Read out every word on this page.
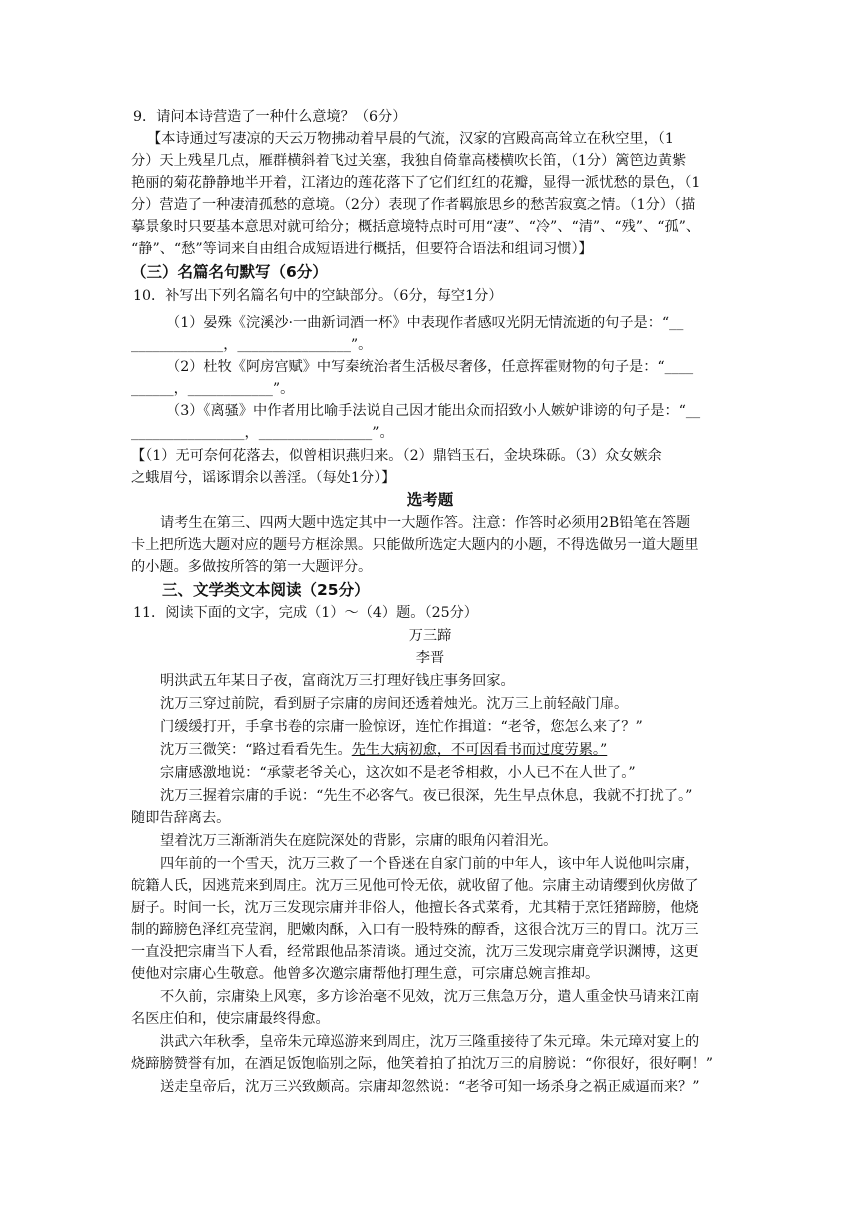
9．请问本诗营造了一种什么意境？（6分）
【本诗通过写凄凉的天云万物拂动着早晨的气流，汉家的宫殿高高耸立在秋空里，（1
分）天上残星几点，雁群横斜着飞过关塞，我独自倚靠高楼横吹长笛，（1分）篱笆边黄紫
艳丽的菊花静静地半开着，江渚边的莲花落下了它们红红的花瓣，显得一派忧愁的景色，（1
分）营造了一种凄清孤愁的意境。（2分）表现了作者羁旅思乡的愁苦寂寞之情。（1分）（描
摹景象时只要基本意思对就可给分；概括意境特点时可用“凄”、“冷”、“清”、“残”、“孤”、
“静”、“愁”等词来自由组合成短语进行概括，但要符合语法和组词习惯）】
（三）名篇名句默写（6分）
10．补写出下列名篇名句中的空缺部分。（6分，每空1分）
（1）晏殊《浣溪沙·一曲新词酒一杯》中表现作者感叹光阴无情流逝的句子是：“__
_____________，________________”。
（2）杜牧《阿房宫赋》中写秦统治者生活极尽奢侈，任意挥霍财物的句子是：“____
______，____________”。
（3）《离骚》中作者用比喻手法说自己因才能出众而招致小人嫉妒诽谤的句子是：“__
________________，________________”。
【（1）无可奈何花落去，似曾相识燕归来。（2）鼎铛玉石，金块珠砾。（3）众女嫉余
之蛾眉兮，谣诼谓余以善淫。（每处1分）】
选考题
请考生在第三、四两大题中选定其中一大题作答。注意：作答时必须用2B铅笔在答题
卡上把所选大题对应的题号方框涂黑。只能做所选定大题内的小题，不得选做另一道大题里
的小题。多做按所答的第一大题评分。
三、文学类文本阅读（25分）
11．阅读下面的文字，完成（1）～（4）题。（25分）
万三蹄
李晋
明洪武五年某日子夜，富商沈万三打理好钱庄事务回家。
沈万三穿过前院，看到厨子宗庸的房间还透着烛光。沈万三上前轻敲门扉。
门缓缓打开，手拿书卷的宗庸一脸惊讶，连忙作揖道：“老爷，您怎么来了？”
沈万三微笑：“路过看看先生。先生大病初愈，不可因看书而过度劳累。”
宗庸感激地说：“承蒙老爷关心，这次如不是老爷相救，小人已不在人世了。”
沈万三握着宗庸的手说：“先生不必客气。夜已很深，先生早点休息，我就不打扰了。”
随即告辞离去。
望着沈万三渐渐消失在庭院深处的背影，宗庸的眼角闪着泪光。
四年前的一个雪天，沈万三救了一个昏迷在自家门前的中年人，该中年人说他叫宗庸，
皖籍人氏，因逃荒来到周庄。沈万三见他可怜无依，就收留了他。宗庸主动请缨到伙房做了
厨子。时间一长，沈万三发现宗庸并非俗人，他擅长各式菜肴，尤其精于烹饪猪蹄膀，他烧
制的蹄膀色泽红亮莹润，肥嫩肉酥，入口有一股特殊的醇香，这很合沈万三的胃口。沈万三
一直没把宗庸当下人看，经常跟他品茶清谈。通过交流，沈万三发现宗庸竟学识渊博，这更
使他对宗庸心生敬意。他曾多次邀宗庸帮他打理生意，可宗庸总婉言推却。
不久前，宗庸染上风寒，多方诊治毫不见效，沈万三焦急万分，遣人重金快马请来江南
名医庄伯和，使宗庸最终得愈。
洪武六年秋季，皇帝朱元璋巡游来到周庄，沈万三隆重接待了朱元璋。朱元璋对宴上的
烧蹄膀赞誉有加，在酒足饭饱临别之际，他笑着拍了拍沈万三的肩膀说：“你很好，很好啊！”
送走皇帝后，沈万三兴致颇高。宗庸却忽然说：“老爷可知一场杀身之祸正威逼而来？”
